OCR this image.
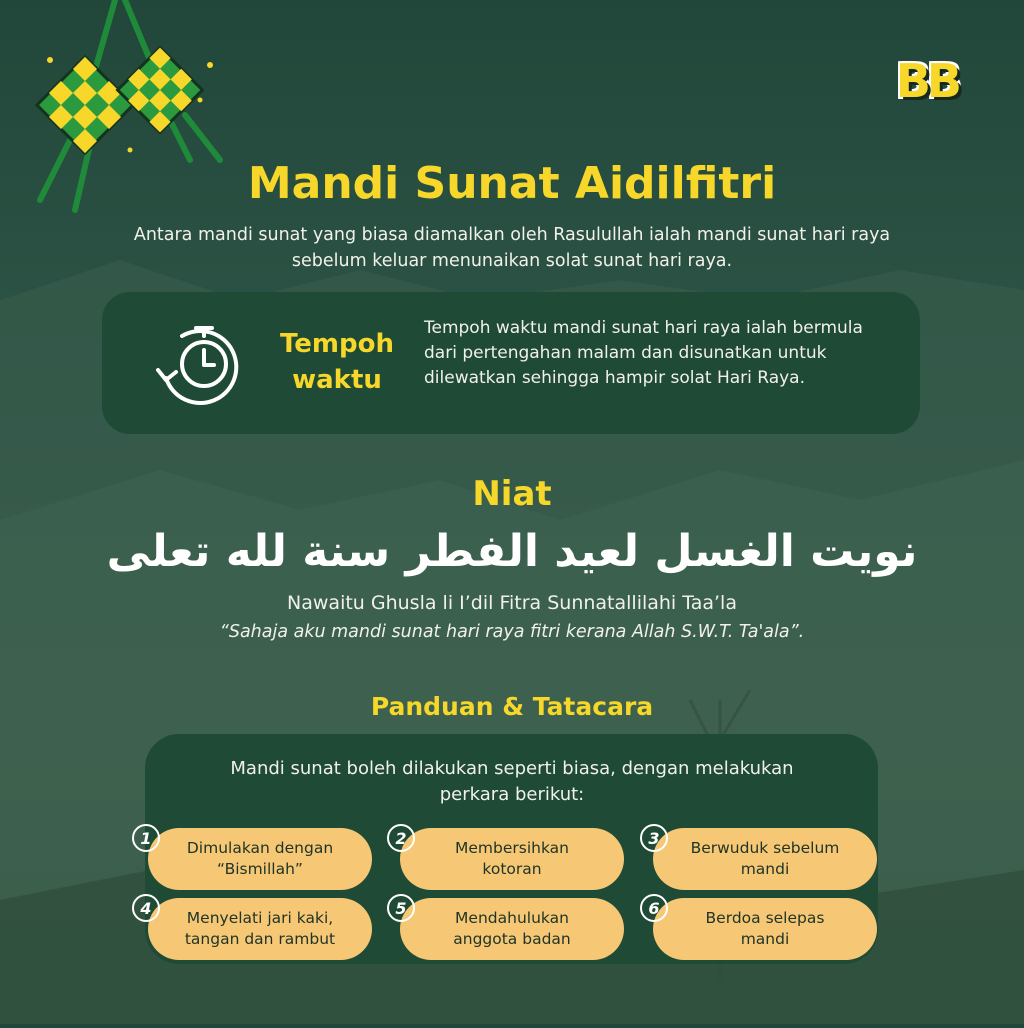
BB
Mandi Sunat Aidilfitri

Antara mandi sunat yang biasa diamalkan oleh Rasulullah ialah mandi sunat hari raya sebelum keluar menunaikan solat sunat hari raya.

Tempoh
waktu
Tempoh waktu mandi sunat hari raya ialah bermula dari pertengahan malam dan disunatkan untuk dilewatkan sehingga hampir solat Hari Raya.
Niat
نويت الغسل لعيد الفطر سنة لله تعلى
Nawaitu Ghusla li I’dil Fitra Sunnatallilahi Taa’la
“Sahaja aku mandi sunat hari raya fitri kerana Allah S.W.T. Ta'ala”.
Panduan & Tatacara
Mandi sunat boleh dilakukan seperti biasa, dengan melakukan perkara berikut:
Dimulakan dengan
“Bismillah”
1
Membersihkan
kotoran
2
Berwuduk sebelum
mandi
3
Menyelati jari kaki,
tangan dan rambut
4
Mendahulukan
anggota badan
5
Berdoa selepas
mandi
6
